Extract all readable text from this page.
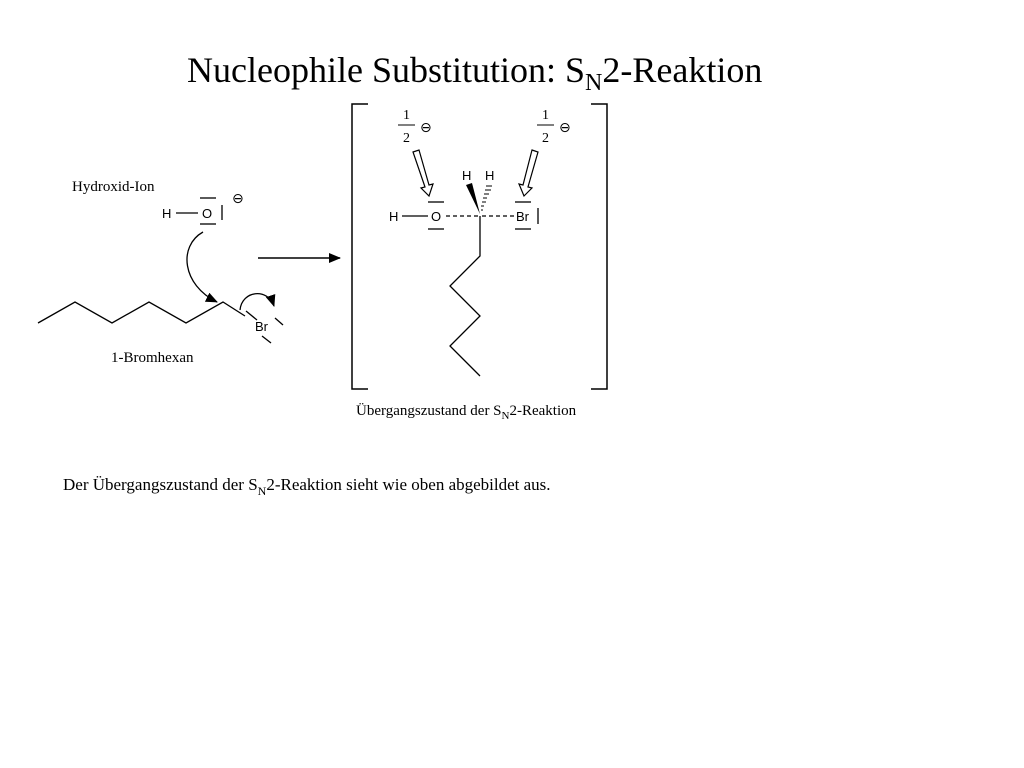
Nucleophile Substitution: $S_N2$-Reaktion
Hydroxid-Ion
H O
⊖
Br
1-Bromhexan
1
2
⊖
1
2
⊖
H H
H	O	Br
Übergangszustand der $S_N2$-Reaktion
Der Übergangszustand der $S_N2$-Reaktion sieht wie oben abgebildet aus.
